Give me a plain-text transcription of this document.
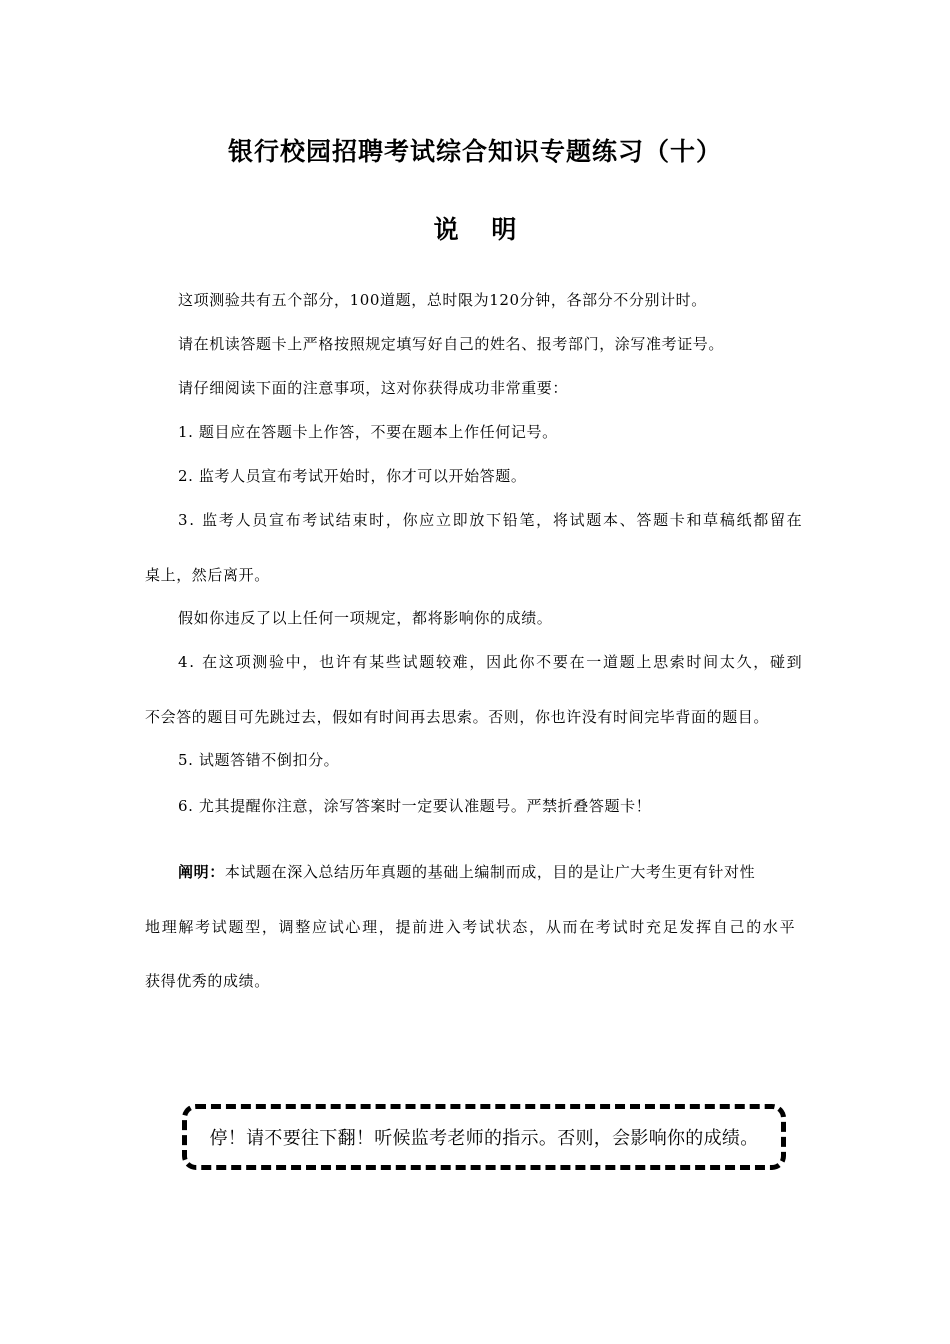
银行校园招聘考试综合知识专题练习（十）
说 明
这项测验共有五个部分，100道题，总时限为120分钟，各部分不分别计时。
请在机读答题卡上严格按照规定填写好自己的姓名、报考部门，涂写准考证号。
请仔细阅读下面的注意事项，这对你获得成功非常重要：
1. 题目应在答题卡上作答，不要在题本上作任何记号。
2. 监考人员宣布考试开始时，你才可以开始答题。
3. 监考人员宣布考试结束时，你应立即放下铅笔，将试题本、答题卡和草稿纸都留在
桌上，然后离开。
假如你违反了以上任何一项规定，都将影响你的成绩。
4. 在这项测验中，也许有某些试题较难，因此你不要在一道题上思索时间太久，碰到
不会答的题目可先跳过去，假如有时间再去思索。否则，你也许没有时间完毕背面的题目。
5. 试题答错不倒扣分。
6. 尤其提醒你注意，涂写答案时一定要认准题号。严禁折叠答题卡！
阐明：本试题在深入总结历年真题的基础上编制而成，目的是让广大考生更有针对性
地理解考试题型，调整应试心理，提前进入考试状态，从而在考试时充足发挥自己的水平
获得优秀的成绩。
停！请不要往下翻！听候监考老师的指示。否则，会影响你的成绩。
